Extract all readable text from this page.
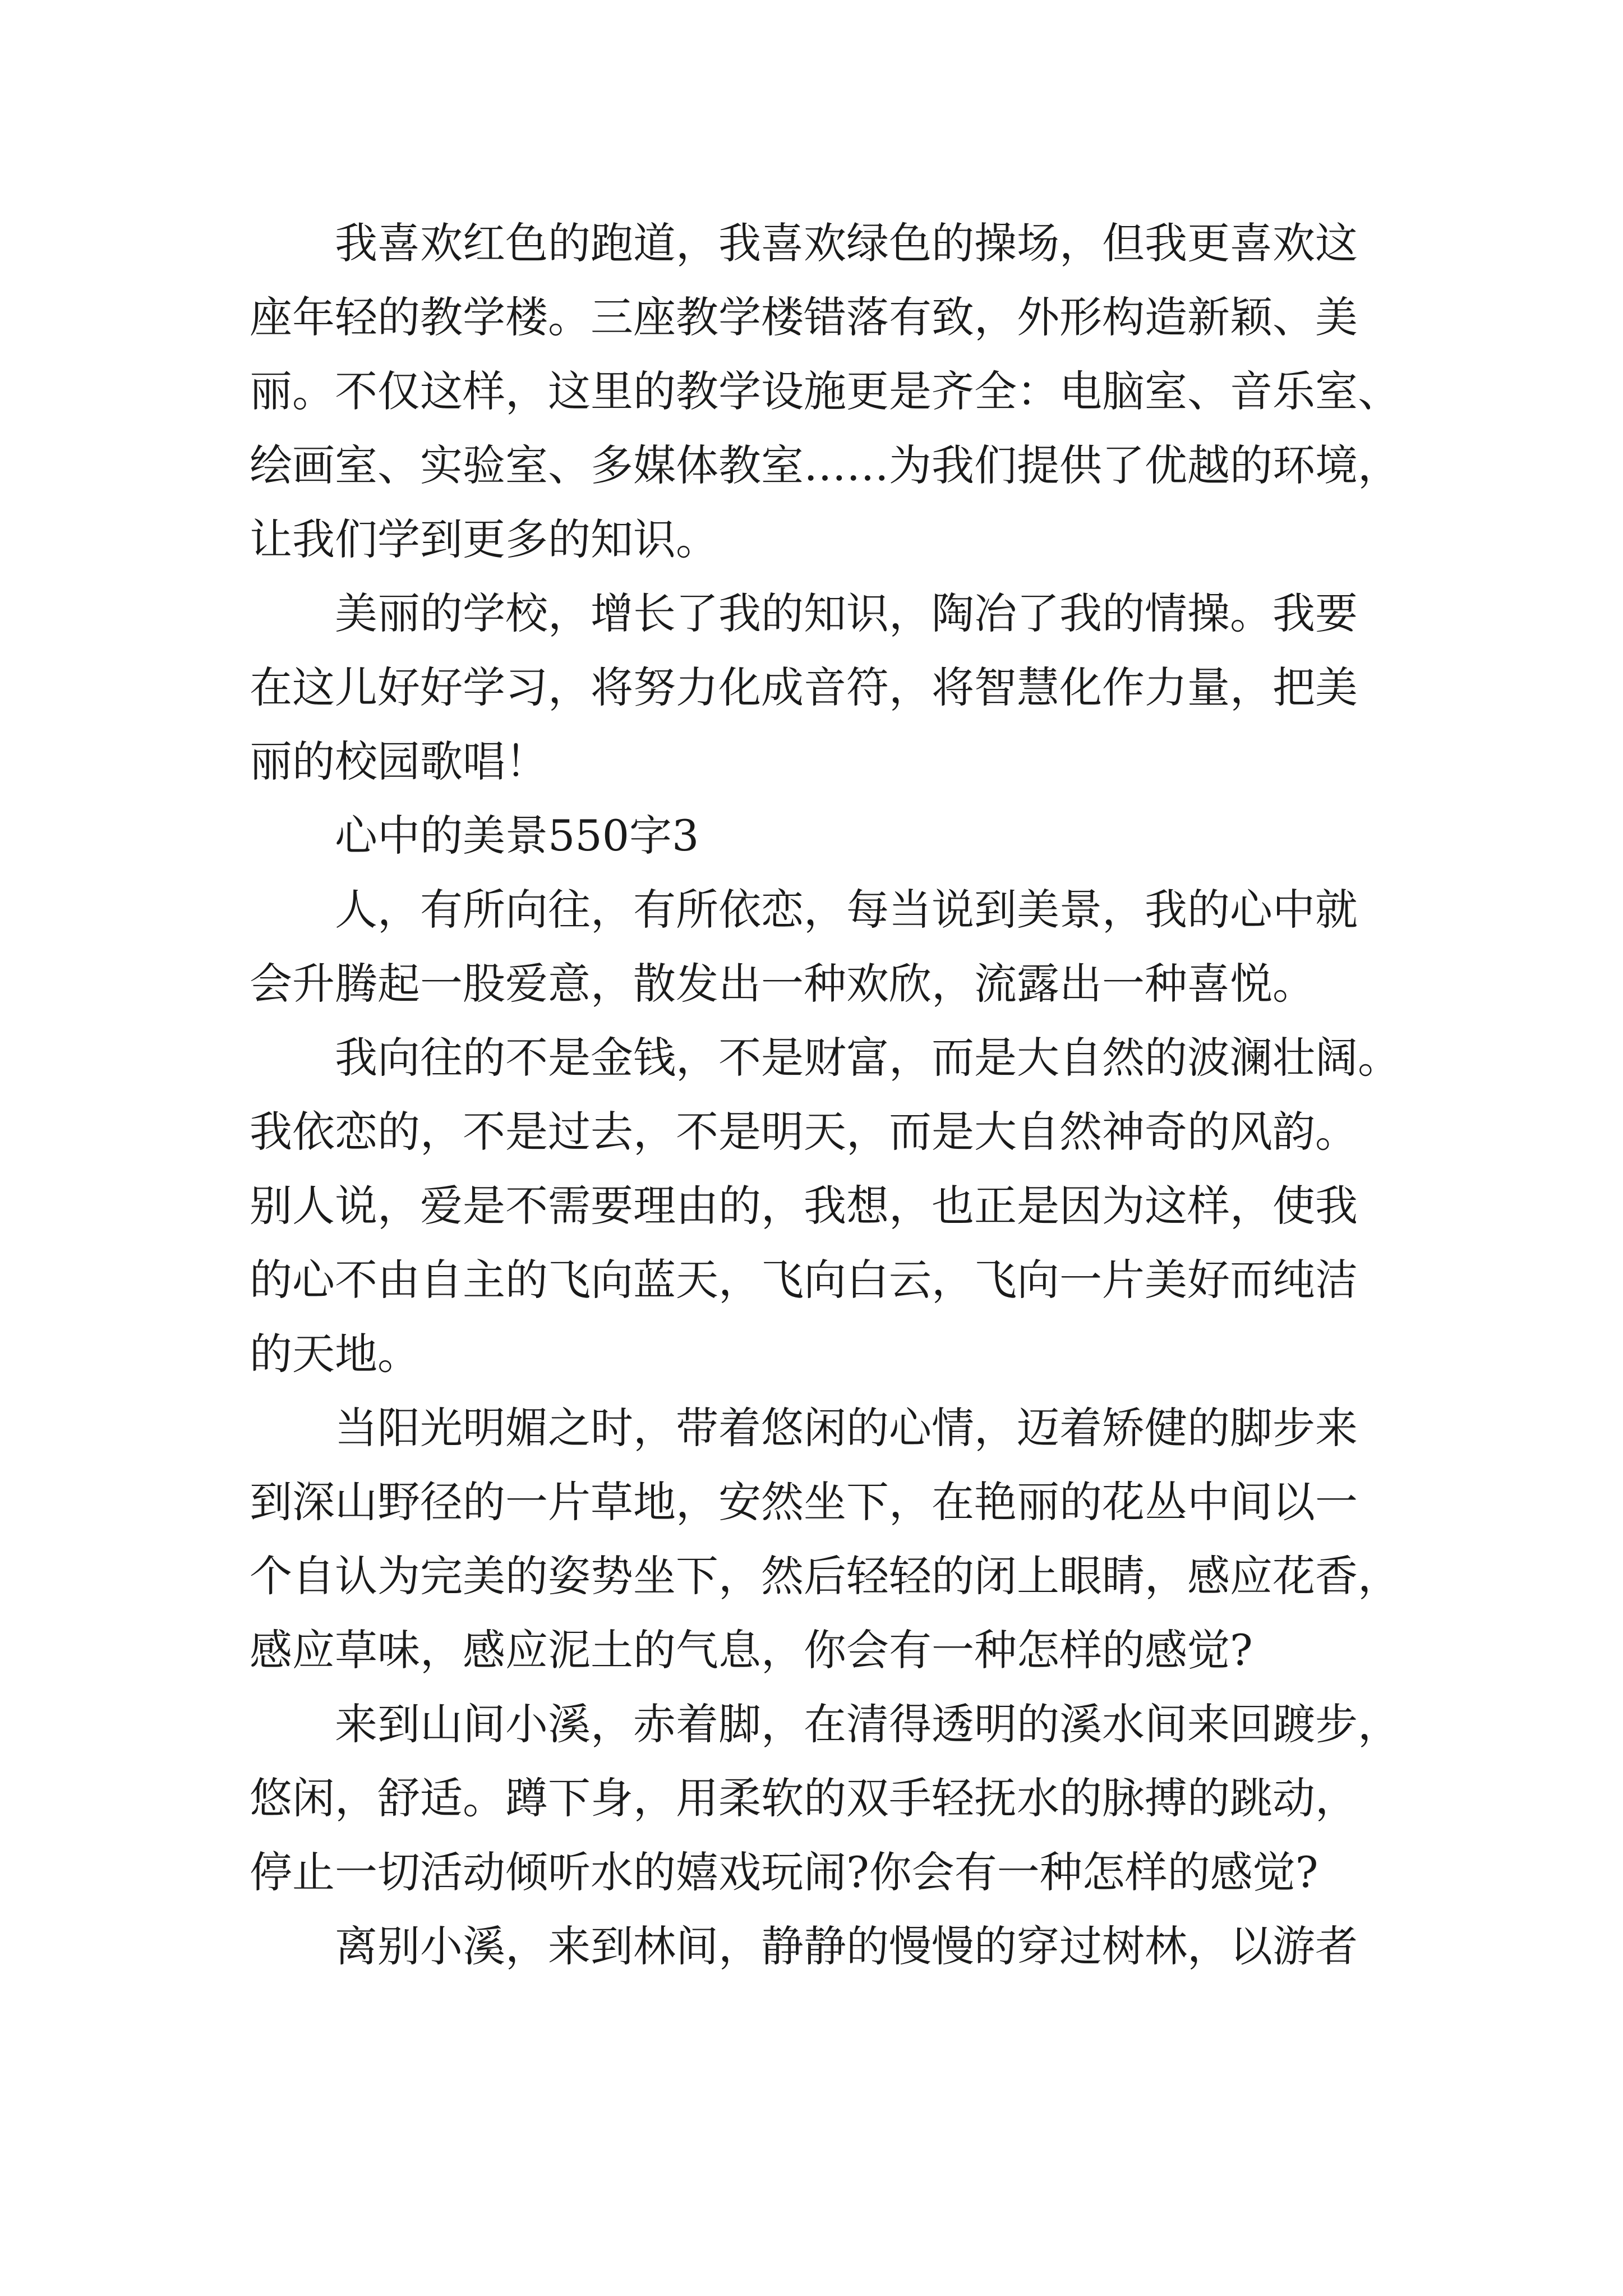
我喜欢红色的跑道，我喜欢绿色的操场，但我更喜欢这
座年轻的教学楼。三座教学楼错落有致，外形构造新颖、美
丽。不仅这样，这里的教学设施更是齐全：电脑室、音乐室、
绘画室、实验室、多媒体教室……为我们提供了优越的环境，
让我们学到更多的知识。
美丽的学校，增长了我的知识，陶冶了我的情操。我要
在这儿好好学习，将努力化成音符，将智慧化作力量，把美
丽的校园歌唱！
心中的美景550字3
人，有所向往，有所依恋，每当说到美景，我的心中就
会升腾起一股爱意，散发出一种欢欣，流露出一种喜悦。
我向往的不是金钱，不是财富，而是大自然的波澜壮阔。
我依恋的，不是过去，不是明天，而是大自然神奇的风韵。
别人说，爱是不需要理由的，我想，也正是因为这样，使我
的心不由自主的飞向蓝天，飞向白云，飞向一片美好而纯洁
的天地。
当阳光明媚之时，带着悠闲的心情，迈着矫健的脚步来
到深山野径的一片草地，安然坐下，在艳丽的花丛中间以一
个自认为完美的姿势坐下，然后轻轻的闭上眼睛，感应花香，
感应草味，感应泥土的气息，你会有一种怎样的感觉?
来到山间小溪，赤着脚，在清得透明的溪水间来回踱步，
悠闲，舒适。蹲下身，用柔软的双手轻抚水的脉搏的跳动，
停止一切活动倾听水的嬉戏玩闹?你会有一种怎样的感觉?
离别小溪，来到林间，静静的慢慢的穿过树林，以游者
